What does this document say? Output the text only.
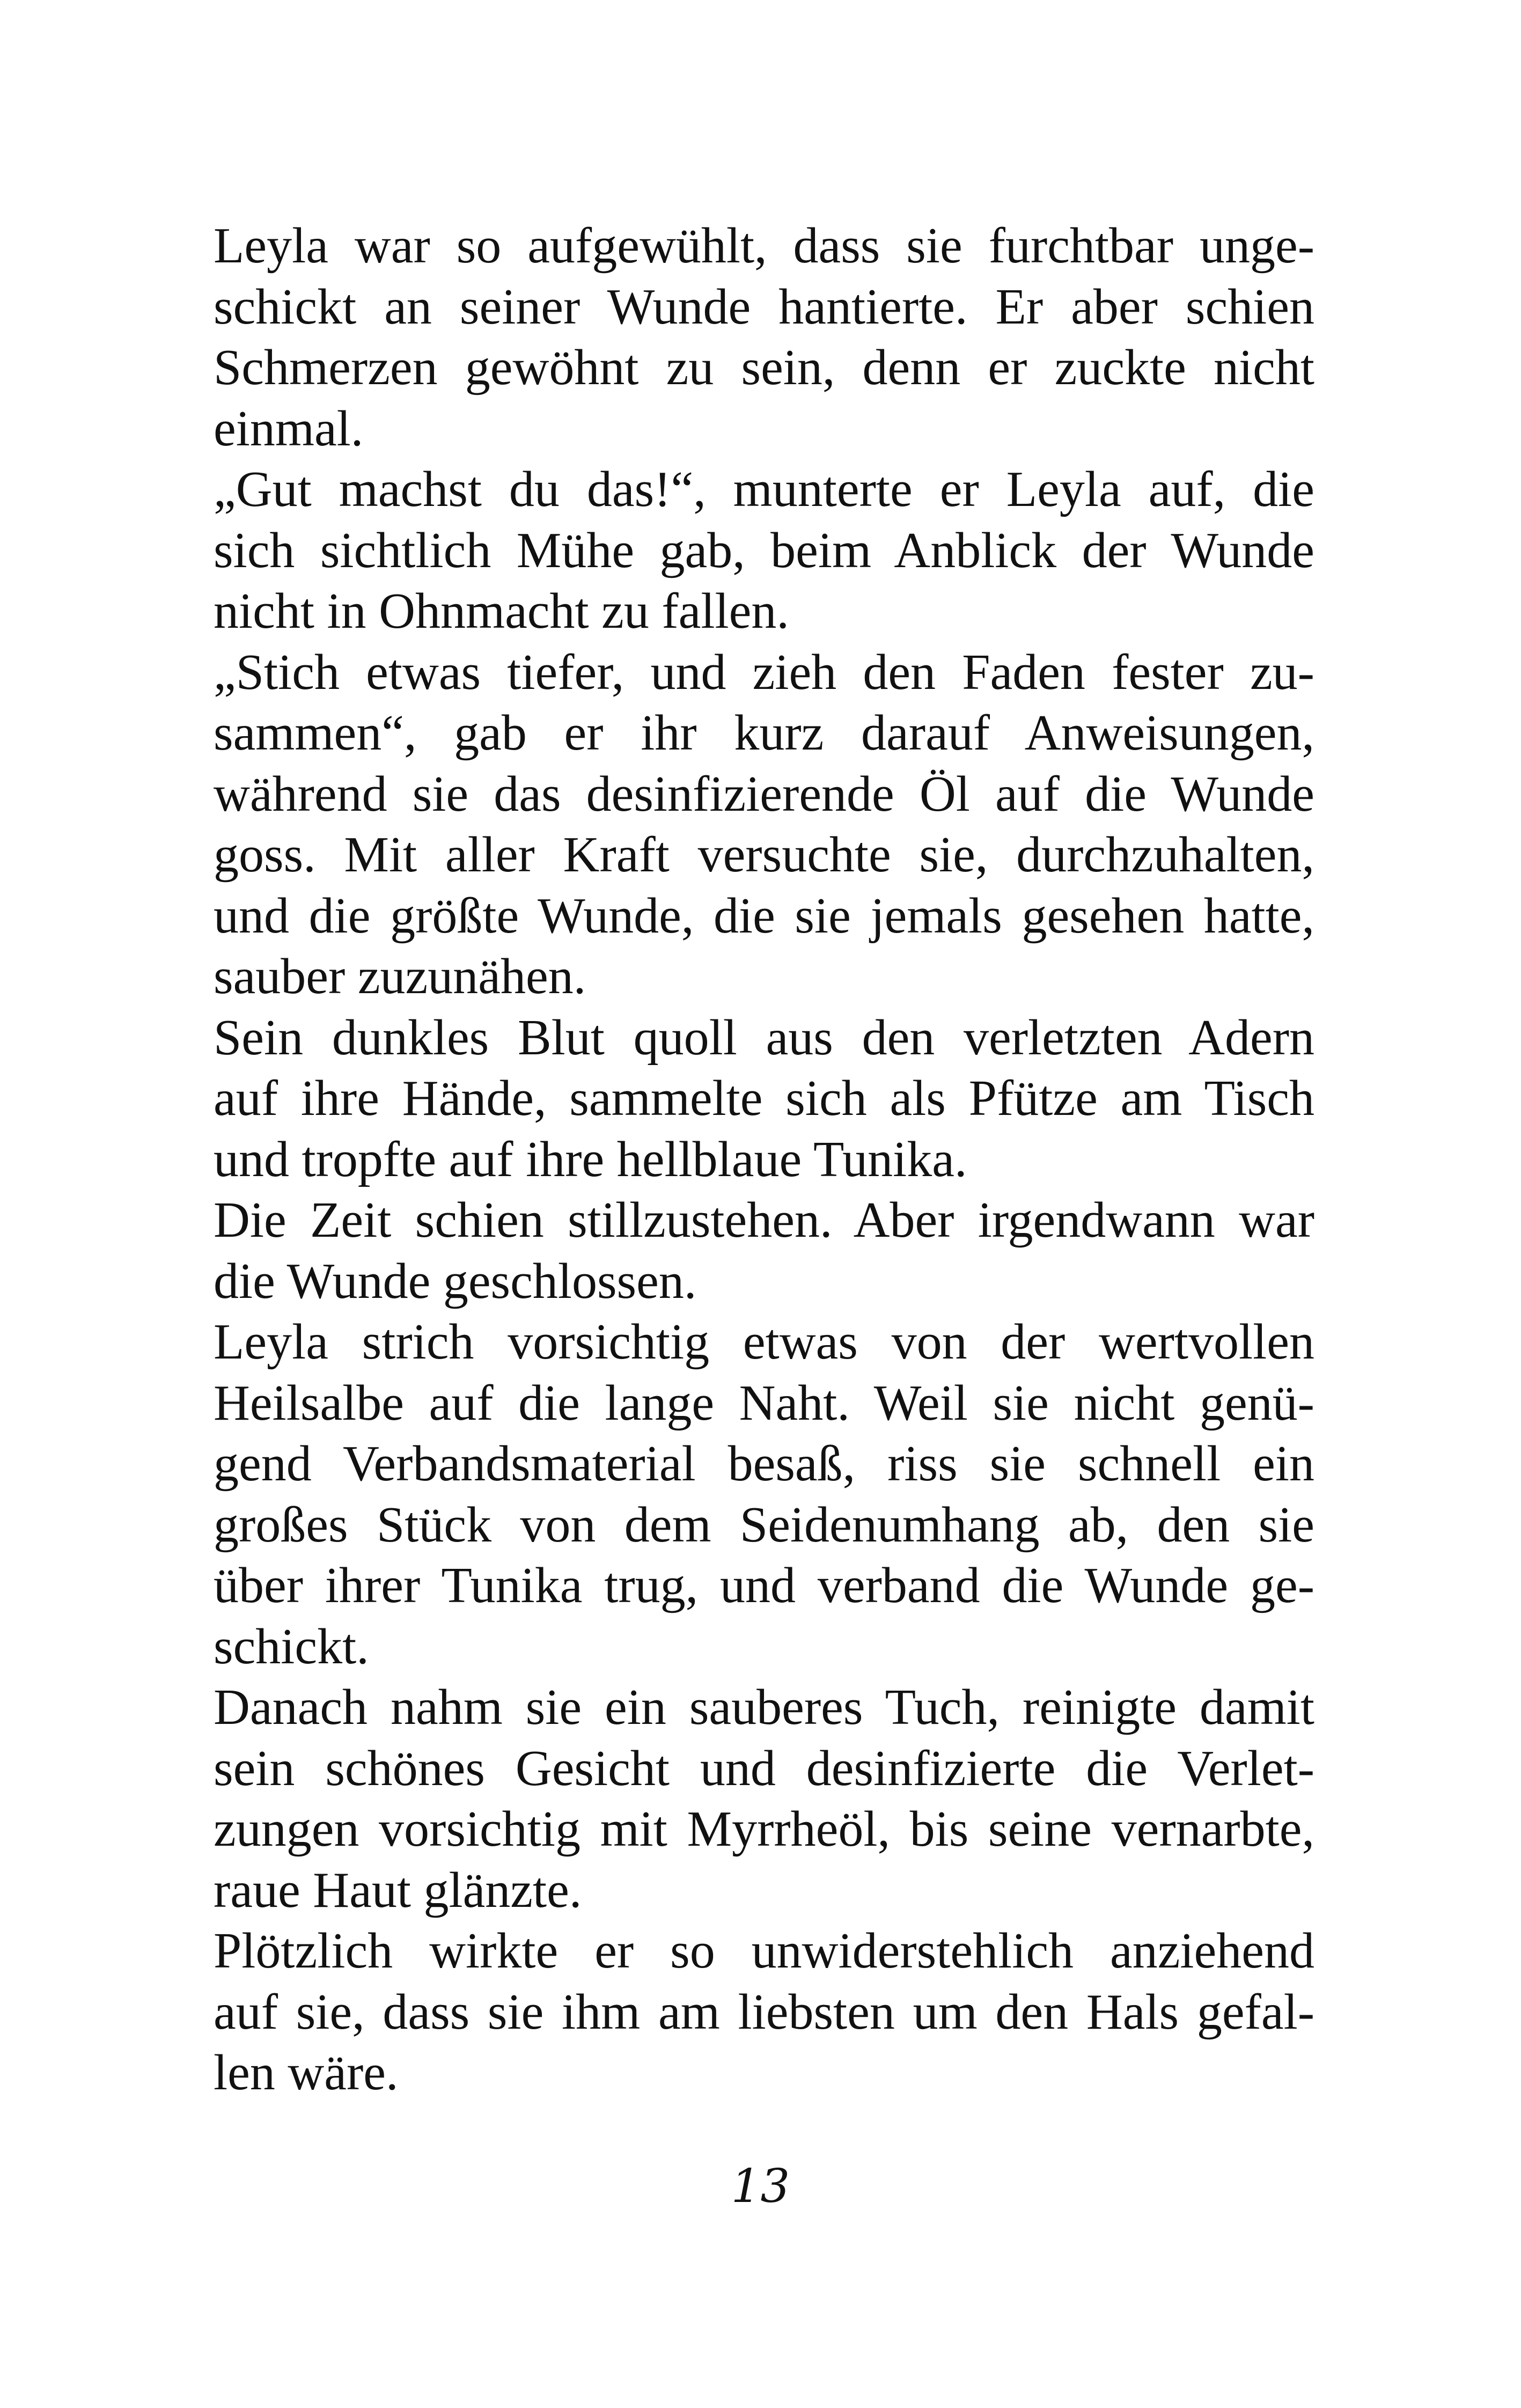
Leyla war so aufgewühlt, dass sie furchtbar unge-
schickt an seiner Wunde hantierte. Er aber schien
Schmerzen gewöhnt zu sein, denn er zuckte nicht
einmal.
„Gut machst du das!“, munterte er Leyla auf, die
sich sichtlich Mühe gab, beim Anblick der Wunde
nicht in Ohnmacht zu fallen.
„Stich etwas tiefer, und zieh den Faden fester zu-
sammen“, gab er ihr kurz darauf Anweisungen,
während sie das desinfizierende Öl auf die Wunde
goss. Mit aller Kraft versuchte sie, durchzuhalten,
und die größte Wunde, die sie jemals gesehen hatte,
sauber zuzunähen.
Sein dunkles Blut quoll aus den verletzten Adern
auf ihre Hände, sammelte sich als Pfütze am Tisch
und tropfte auf ihre hellblaue Tunika.
Die Zeit schien stillzustehen. Aber irgendwann war
die Wunde geschlossen.
Leyla strich vorsichtig etwas von der wertvollen
Heilsalbe auf die lange Naht. Weil sie nicht genü-
gend Verbandsmaterial besaß, riss sie schnell ein
großes Stück von dem Seidenumhang ab, den sie
über ihrer Tunika trug, und verband die Wunde ge-
schickt.
Danach nahm sie ein sauberes Tuch, reinigte damit
sein schönes Gesicht und desinfizierte die Verlet-
zungen vorsichtig mit Myrrheöl, bis seine vernarbte,
raue Haut glänzte.
Plötzlich wirkte er so unwiderstehlich anziehend
auf sie, dass sie ihm am liebsten um den Hals gefal-
len wäre.
13
